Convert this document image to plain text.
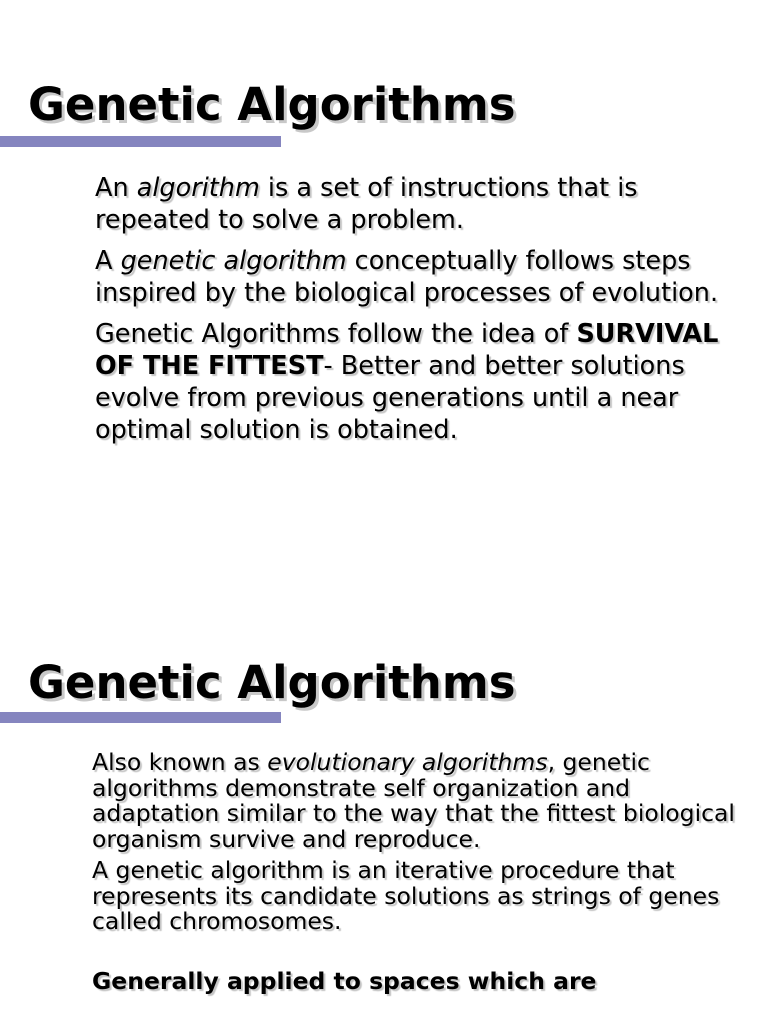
Genetic Algorithms

An algorithm is a set of instructions that is repeated to solve a problem.

A genetic algorithm conceptually follows steps inspired by the biological processes of evolution.

Genetic Algorithms follow the idea of SURVIVAL OF THE FITTEST- Better and better solutions evolve from previous generations until a near optimal solution is obtained.

Genetic Algorithms

Also known as evolutionary algorithms, genetic algorithms demonstrate self organization and adaptation similar to the way that the fittest biological organism survive and reproduce.

A genetic algorithm is an iterative procedure that represents its candidate solutions as strings of genes called chromosomes.

Generally applied to spaces which are
